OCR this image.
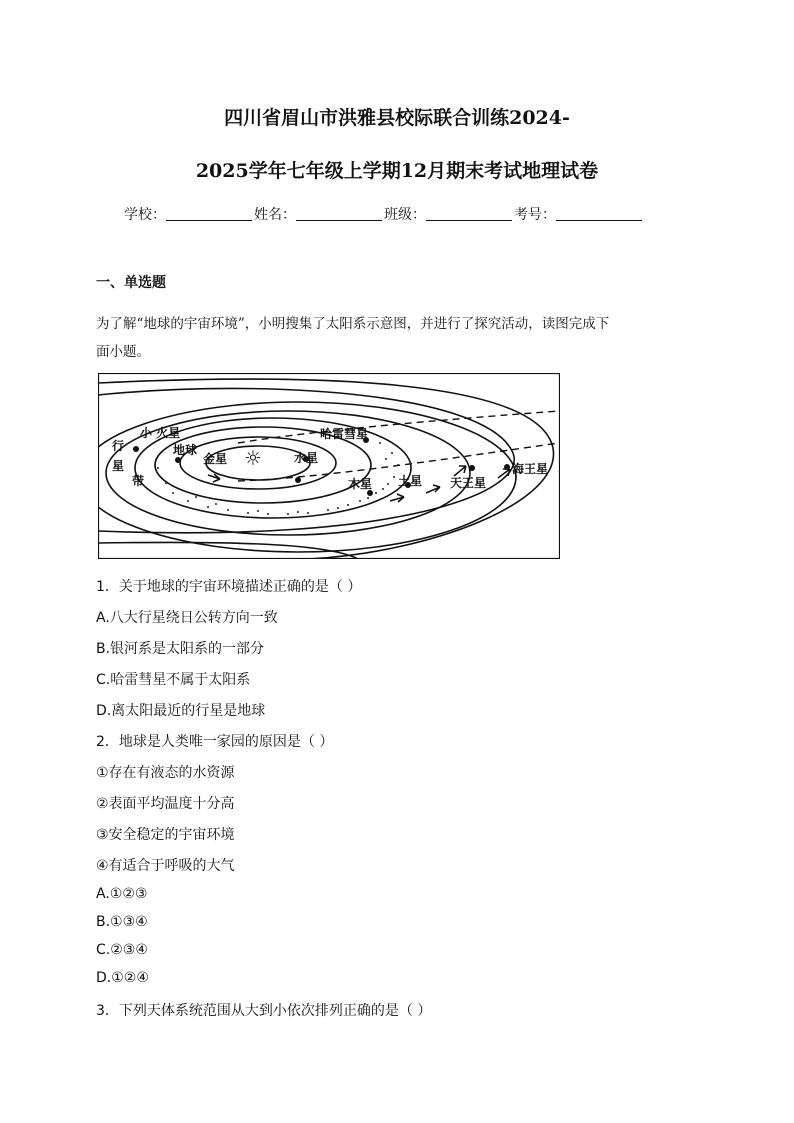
四川省眉山市洪雅县校际联合训练2024-
2025学年七年级上学期12月期末考试地理试卷
学校：	姓名：	班级：	考号：
一、单选题
为了解“地球的宇宙环境”，小明搜集了太阳系示意图，并进行了探究活动，读图完成下
面小题。
行
星
带
小 火星
地球
金星 ☼	水星
哈雷彗星
木星 土星 天王星
海王星
1．关于地球的宇宙环境描述正确的是（ ）
A.八大行星绕日公转方向一致
B.银河系是太阳系的一部分
C.哈雷彗星不属于太阳系
D.离太阳最近的行星是地球
2．地球是人类唯一家园的原因是（ ）
①存在有液态的水资源
②表面平均温度十分高
③安全稳定的宇宙环境
④有适合于呼吸的大气
A.①②③
B.①③④
C.②③④
D.①②④
3．下列天体系统范围从大到小依次排列正确的是（ ）
